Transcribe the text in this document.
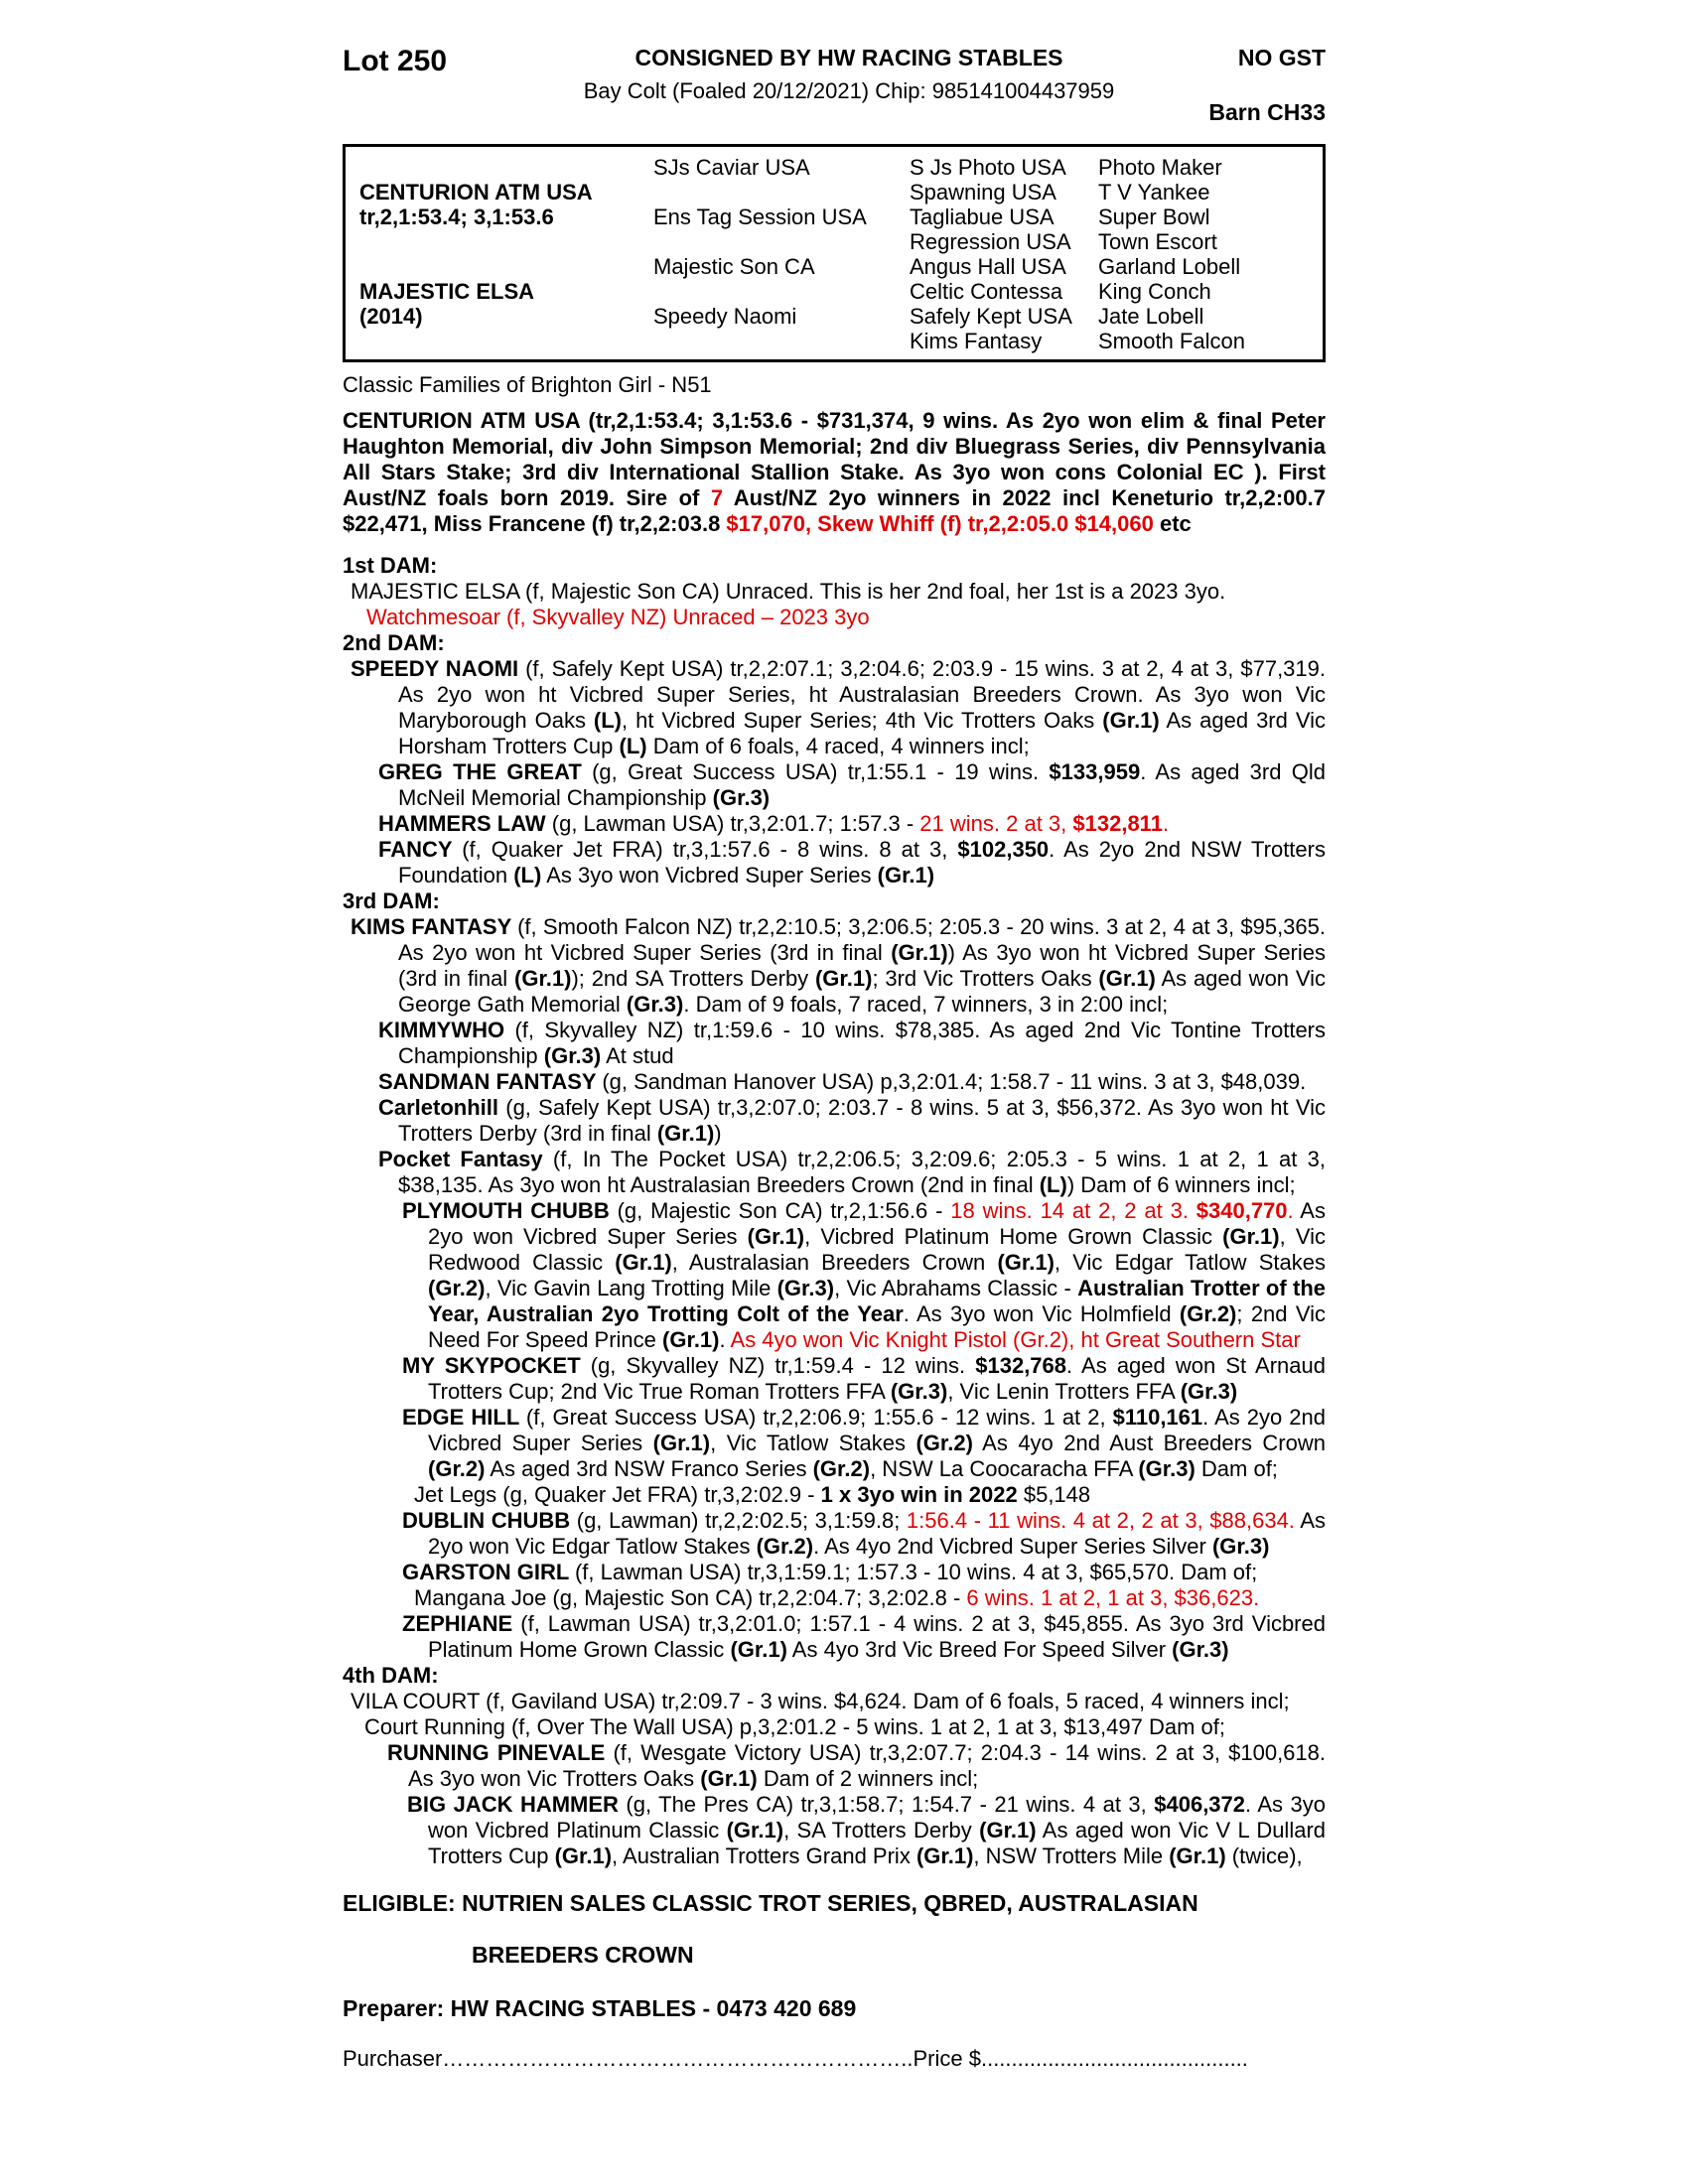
Lot 250	CONSIGNED BY HW RACING STABLES
Bay Colt (Foaled 20/12/2021) Chip: 985141004437959
NO GST
Barn CH33
CENTURION ATM USA
tr,2,1:53.4; 3,1:53.6
MAJESTIC ELSA
(2014)
SJs Caviar USA
Ens Tag Session USA
Majestic Son CA
Speedy Naomi
S Js Photo USA
Spawning USA
Tagliabue USA
Regression USA
Angus Hall USA
Celtic Contessa
Safely Kept USA
Kims Fantasy
Photo Maker
T V Yankee
Super Bowl
Town Escort
Garland Lobell
King Conch
Jate Lobell
Smooth Falcon
Classic Families of Brighton Girl - N51

CENTURION ATM USA (tr,2,1:53.4; 3,1:53.6 - $731,374, 9 wins. As 2yo won elim & final Peter Haughton Memorial, div John Simpson Memorial; 2nd div Bluegrass Series, div Pennsylvania All Stars Stake; 3rd div International Stallion Stake. As 3yo won cons Colonial EC ). First Aust/NZ foals born 2019. Sire of 7 Aust/NZ 2yo winners in 2022 incl Keneturio tr,2,2:00.7 $22,471, Miss Francene (f) tr,2,2:03.8 $17,070, Skew Whiff (f) tr,2,2:05.0 $14,060 etc

1st DAM:

MAJESTIC ELSA (f, Majestic Son CA) Unraced. This is her 2nd foal, her 1st is a 2023 3yo.

Watchmesoar (f, Skyvalley NZ) Unraced – 2023 3yo

2nd DAM:

SPEEDY NAOMI (f, Safely Kept USA) tr,2,2:07.1; 3,2:04.6; 2:03.9 - 15 wins. 3 at 2, 4 at 3, $77,319. As 2yo won ht Vicbred Super Series, ht Australasian Breeders Crown. As 3yo won Vic Maryborough Oaks (L), ht Vicbred Super Series; 4th Vic Trotters Oaks (Gr.1) As aged 3rd Vic Horsham Trotters Cup (L) Dam of 6 foals, 4 raced, 4 winners incl;

GREG THE GREAT (g, Great Success USA) tr,1:55.1 - 19 wins. $133,959. As aged 3rd Qld McNeil Memorial Championship (Gr.3)

HAMMERS LAW (g, Lawman USA) tr,3,2:01.7; 1:57.3 - 21 wins. 2 at 3, $132,811.

FANCY (f, Quaker Jet FRA) tr,3,1:57.6 - 8 wins. 8 at 3, $102,350. As 2yo 2nd NSW Trotters Foundation (L) As 3yo won Vicbred Super Series (Gr.1)

3rd DAM:

KIMS FANTASY (f, Smooth Falcon NZ) tr,2,2:10.5; 3,2:06.5; 2:05.3 - 20 wins. 3 at 2, 4 at 3, $95,365. As 2yo won ht Vicbred Super Series (3rd in final (Gr.1)) As 3yo won ht Vicbred Super Series (3rd in final (Gr.1)); 2nd SA Trotters Derby (Gr.1); 3rd Vic Trotters Oaks (Gr.1) As aged won Vic George Gath Memorial (Gr.3). Dam of 9 foals, 7 raced, 7 winners, 3 in 2:00 incl;

KIMMYWHO (f, Skyvalley NZ) tr,1:59.6 - 10 wins. $78,385. As aged 2nd Vic Tontine Trotters Championship (Gr.3) At stud

SANDMAN FANTASY (g, Sandman Hanover USA) p,3,2:01.4; 1:58.7 - 11 wins. 3 at 3, $48,039.

Carletonhill (g, Safely Kept USA) tr,3,2:07.0; 2:03.7 - 8 wins. 5 at 3, $56,372. As 3yo won ht Vic Trotters Derby (3rd in final (Gr.1))

Pocket Fantasy (f, In The Pocket USA) tr,2,2:06.5; 3,2:09.6; 2:05.3 - 5 wins. 1 at 2, 1 at 3, $38,135. As 3yo won ht Australasian Breeders Crown (2nd in final (L)) Dam of 6 winners incl;

PLYMOUTH CHUBB (g, Majestic Son CA) tr,2,1:56.6 - 18 wins. 14 at 2, 2 at 3. $340,770. As 2yo won Vicbred Super Series (Gr.1), Vicbred Platinum Home Grown Classic (Gr.1), Vic Redwood Classic (Gr.1), Australasian Breeders Crown (Gr.1), Vic Edgar Tatlow Stakes (Gr.2), Vic Gavin Lang Trotting Mile (Gr.3), Vic Abrahams Classic - Australian Trotter of the Year, Australian 2yo Trotting Colt of the Year. As 3yo won Vic Holmfield (Gr.2); 2nd Vic Need For Speed Prince (Gr.1). As 4yo won Vic Knight Pistol (Gr.2), ht Great Southern Star

MY SKYPOCKET (g, Skyvalley NZ) tr,1:59.4 - 12 wins. $132,768. As aged won St Arnaud Trotters Cup; 2nd Vic True Roman Trotters FFA (Gr.3), Vic Lenin Trotters FFA (Gr.3)

EDGE HILL (f, Great Success USA) tr,2,2:06.9; 1:55.6 - 12 wins. 1 at 2, $110,161. As 2yo 2nd Vicbred Super Series (Gr.1), Vic Tatlow Stakes (Gr.2) As 4yo 2nd Aust Breeders Crown (Gr.2) As aged 3rd NSW Franco Series (Gr.2), NSW La Coocaracha FFA (Gr.3) Dam of;

Jet Legs (g, Quaker Jet FRA) tr,3,2:02.9 - 1 x 3yo win in 2022 $5,148

DUBLIN CHUBB (g, Lawman) tr,2,2:02.5; 3,1:59.8; 1:56.4 - 11 wins. 4 at 2, 2 at 3, $88,634. As 2yo won Vic Edgar Tatlow Stakes (Gr.2). As 4yo 2nd Vicbred Super Series Silver (Gr.3)

GARSTON GIRL (f, Lawman USA) tr,3,1:59.1; 1:57.3 - 10 wins. 4 at 3, $65,570. Dam of;

Mangana Joe (g, Majestic Son CA) tr,2,2:04.7; 3,2:02.8 - 6 wins. 1 at 2, 1 at 3, $36,623.

ZEPHIANE (f, Lawman USA) tr,3,2:01.0; 1:57.1 - 4 wins. 2 at 3, $45,855. As 3yo 3rd Vicbred Platinum Home Grown Classic (Gr.1) As 4yo 3rd Vic Breed For Speed Silver (Gr.3)

4th DAM:

VILA COURT (f, Gaviland USA) tr,2:09.7 - 3 wins. $4,624. Dam of 6 foals, 5 raced, 4 winners incl;

Court Running (f, Over The Wall USA) p,3,2:01.2 - 5 wins. 1 at 2, 1 at 3, $13,497 Dam of;

RUNNING PINEVALE (f, Wesgate Victory USA) tr,3,2:07.7; 2:04.3 - 14 wins. 2 at 3, $100,618. As 3yo won Vic Trotters Oaks (Gr.1) Dam of 2 winners incl;

BIG JACK HAMMER (g, The Pres CA) tr,3,1:58.7; 1:54.7 - 21 wins. 4 at 3, $406,372. As 3yo won Vicbred Platinum Classic (Gr.1), SA Trotters Derby (Gr.1) As aged won Vic V L Dullard Trotters Cup (Gr.1), Australian Trotters Grand Prix (Gr.1), NSW Trotters Mile (Gr.1) (twice),

ELIGIBLE: NUTRIEN SALES CLASSIC TROT SERIES, QBRED, AUSTRALASIAN

BREEDERS CROWN

Preparer: HW RACING STABLES - 0473 420 689

Purchaser………………………………………………………..Price $............................................
